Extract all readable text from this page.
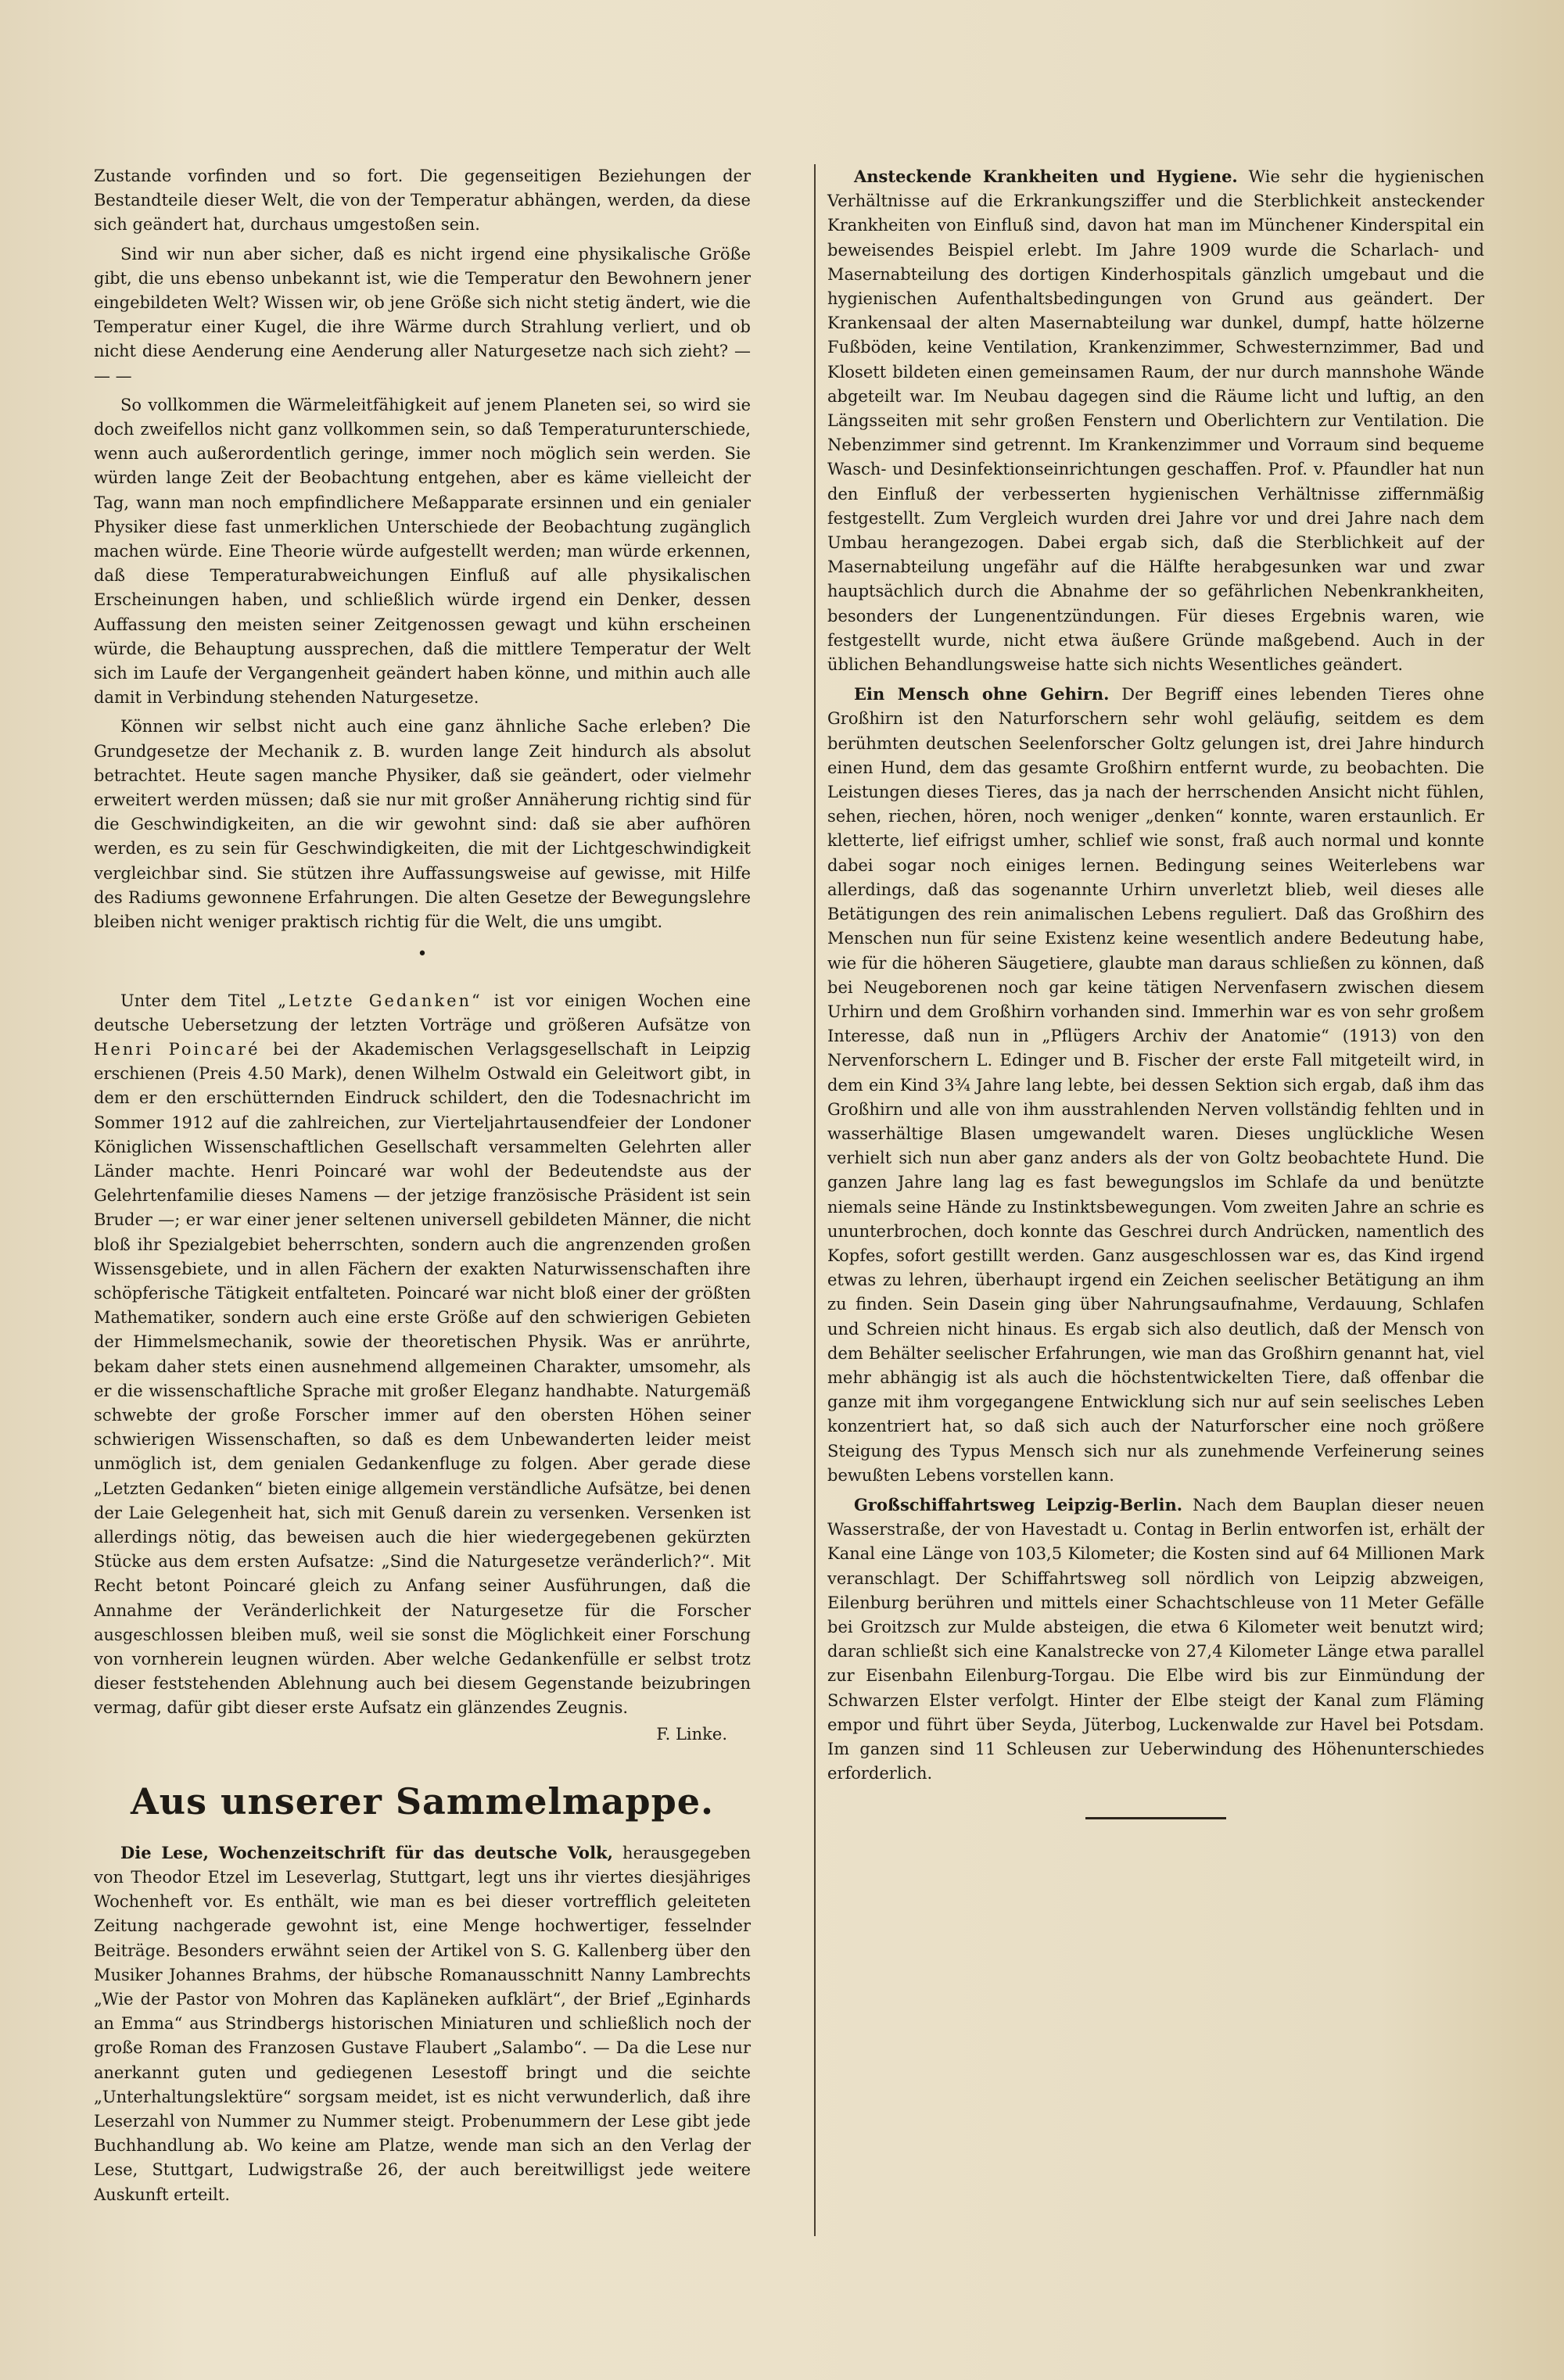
Zustande vorfinden und so fort. Die gegenseitigen Beziehungen der Bestandteile dieser Welt, die von der Temperatur abhängen, werden, da diese sich geändert hat, durchaus umgestoßen sein.

Sind wir nun aber sicher, daß es nicht irgend eine physikalische Größe gibt, die uns ebenso unbekannt ist, wie die Temperatur den Bewohnern jener eingebildeten Welt? Wissen wir, ob jene Größe sich nicht stetig ändert, wie die Temperatur einer Kugel, die ihre Wärme durch Strahlung verliert, und ob nicht diese Aenderung eine Aenderung aller Naturgesetze nach sich zieht? — — —

So vollkommen die Wärmeleitfähigkeit auf jenem Planeten sei, so wird sie doch zweifellos nicht ganz vollkommen sein, so daß Temperaturunterschiede, wenn auch außerordentlich geringe, immer noch möglich sein werden. Sie würden lange Zeit der Beobachtung entgehen, aber es käme vielleicht der Tag, wann man noch empfindlichere Meßapparate ersinnen und ein genialer Physiker diese fast unmerklichen Unterschiede der Beobachtung zugänglich machen würde. Eine Theorie würde aufgestellt werden; man würde erkennen, daß diese Temperaturabweichungen Einfluß auf alle physikalischen Erscheinungen haben, und schließlich würde irgend ein Denker, dessen Auffassung den meisten seiner Zeitgenossen gewagt und kühn erscheinen würde, die Behauptung aussprechen, daß die mittlere Temperatur der Welt sich im Laufe der Vergangenheit geändert haben könne, und mithin auch alle damit in Verbindung stehenden Naturgesetze.

Können wir selbst nicht auch eine ganz ähnliche Sache erleben? Die Grundgesetze der Mechanik z. B. wurden lange Zeit hindurch als absolut betrachtet. Heute sagen manche Physiker, daß sie geändert, oder vielmehr erweitert werden müssen; daß sie nur mit großer Annäherung richtig sind für die Geschwindigkeiten, an die wir gewohnt sind: daß sie aber aufhören werden, es zu sein für Geschwindigkeiten, die mit der Lichtgeschwindigkeit vergleichbar sind. Sie stützen ihre Auffassungsweise auf gewisse, mit Hilfe des Radiums gewonnene Erfahrungen. Die alten Gesetze der Bewegungslehre bleiben nicht weniger praktisch richtig für die Welt, die uns umgibt.

•

Unter dem Titel „Letzte Gedanken“ ist vor einigen Wochen eine deutsche Uebersetzung der letzten Vorträge und größeren Aufsätze von Henri Poincaré bei der Akademischen Verlagsgesellschaft in Leipzig erschienen (Preis 4.50 Mark), denen Wilhelm Ostwald ein Geleitwort gibt, in dem er den erschütternden Eindruck schildert, den die Todesnachricht im Sommer 1912 auf die zahlreichen, zur Vierteljahrtausendfeier der Londoner Königlichen Wissenschaftlichen Gesellschaft versammelten Gelehrten aller Länder machte. Henri Poincaré war wohl der Bedeutendste aus der Gelehrtenfamilie dieses Namens — der jetzige französische Präsident ist sein Bruder —; er war einer jener seltenen universell gebildeten Männer, die nicht bloß ihr Spezialgebiet beherrschten, sondern auch die angrenzenden großen Wissensgebiete, und in allen Fächern der exakten Naturwissenschaften ihre schöpferische Tätigkeit entfalteten. Poincaré war nicht bloß einer der größten Mathematiker, sondern auch eine erste Größe auf den schwierigen Gebieten der Himmelsmechanik, sowie der theoretischen Physik. Was er anrührte, bekam daher stets einen ausnehmend allgemeinen Charakter, umsomehr, als er die wissenschaftliche Sprache mit großer Eleganz handhabte. Naturgemäß schwebte der große Forscher immer auf den obersten Höhen seiner schwierigen Wissenschaften, so daß es dem Unbewanderten leider meist unmöglich ist, dem genialen Gedankenfluge zu folgen. Aber gerade diese „Letzten Gedanken“ bieten einige allgemein verständliche Aufsätze, bei denen der Laie Gelegenheit hat, sich mit Genuß darein zu versenken. Versenken ist allerdings nötig, das beweisen auch die hier wiedergegebenen gekürzten Stücke aus dem ersten Aufsatze: „Sind die Naturgesetze veränderlich?“. Mit Recht betont Poincaré gleich zu Anfang seiner Ausführungen, daß die Annahme der Veränderlichkeit der Naturgesetze für die Forscher ausgeschlossen bleiben muß, weil sie sonst die Möglichkeit einer Forschung von vornherein leugnen würden. Aber welche Gedankenfülle er selbst trotz dieser feststehenden Ablehnung auch bei diesem Gegenstande beizubringen vermag, dafür gibt dieser erste Aufsatz ein glänzendes Zeugnis.

F. Linke.
Aus unserer Sammelmappe.

Die Lese, Wochenzeitschrift für das deutsche Volk, herausgegeben von Theodor Etzel im Leseverlag, Stuttgart, legt uns ihr viertes diesjähriges Wochenheft vor. Es enthält, wie man es bei dieser vortrefflich geleiteten Zeitung nachgerade gewohnt ist, eine Menge hochwertiger, fesselnder Beiträge. Besonders erwähnt seien der Artikel von S. G. Kallenberg über den Musiker Johannes Brahms, der hübsche Romanausschnitt Nanny Lambrechts „Wie der Pastor von Mohren das Kapläneken aufklärt“, der Brief „Eginhards an Emma“ aus Strindbergs historischen Miniaturen und schließlich noch der große Roman des Franzosen Gustave Flaubert „Salambo“. — Da die Lese nur anerkannt guten und gediegenen Lesestoff bringt und die seichte „Unterhaltungslektüre“ sorgsam meidet, ist es nicht verwunderlich, daß ihre Leserzahl von Nummer zu Nummer steigt. Probenummern der Lese gibt jede Buchhandlung ab. Wo keine am Platze, wende man sich an den Verlag der Lese, Stuttgart, Ludwigstraße 26, der auch bereitwilligst jede weitere Auskunft erteilt.

Ansteckende Krankheiten und Hygiene. Wie sehr die hygienischen Verhältnisse auf die Erkrankungsziffer und die Sterblichkeit ansteckender Krankheiten von Einfluß sind, davon hat man im Münchener Kinderspital ein beweisendes Beispiel erlebt. Im Jahre 1909 wurde die Scharlach- und Masernabteilung des dortigen Kinderhospitals gänzlich umgebaut und die hygienischen Aufenthaltsbedingungen von Grund aus geändert. Der Krankensaal der alten Masernabteilung war dunkel, dumpf, hatte hölzerne Fußböden, keine Ventilation, Krankenzimmer, Schwesternzimmer, Bad und Klosett bildeten einen gemeinsamen Raum, der nur durch mannshohe Wände abgeteilt war. Im Neubau dagegen sind die Räume licht und luftig, an den Längsseiten mit sehr großen Fenstern und Oberlichtern zur Ventilation. Die Nebenzimmer sind getrennt. Im Krankenzimmer und Vorraum sind bequeme Wasch- und Desinfektionseinrichtungen geschaffen. Prof. v. Pfaundler hat nun den Einfluß der verbesserten hygienischen Verhältnisse ziffernmäßig festgestellt. Zum Vergleich wurden drei Jahre vor und drei Jahre nach dem Umbau herangezogen. Dabei ergab sich, daß die Sterblichkeit auf der Masernabteilung ungefähr auf die Hälfte herabgesunken war und zwar hauptsächlich durch die Abnahme der so gefährlichen Nebenkrankheiten, besonders der Lungenentzündungen. Für dieses Ergebnis waren, wie festgestellt wurde, nicht etwa äußere Gründe maßgebend. Auch in der üblichen Behandlungsweise hatte sich nichts Wesentliches geändert.

Ein Mensch ohne Gehirn. Der Begriff eines lebenden Tieres ohne Großhirn ist den Naturforschern sehr wohl geläufig, seitdem es dem berühmten deutschen Seelenforscher Goltz gelungen ist, drei Jahre hindurch einen Hund, dem das gesamte Großhirn entfernt wurde, zu beobachten. Die Leistungen dieses Tieres, das ja nach der herrschenden Ansicht nicht fühlen, sehen, riechen, hören, noch weniger „denken“ konnte, waren erstaunlich. Er kletterte, lief eifrigst umher, schlief wie sonst, fraß auch normal und konnte dabei sogar noch einiges lernen. Bedingung seines Weiterlebens war allerdings, daß das sogenannte Urhirn unverletzt blieb, weil dieses alle Betätigungen des rein animalischen Lebens reguliert. Daß das Großhirn des Menschen nun für seine Existenz keine wesentlich andere Bedeutung habe, wie für die höheren Säugetiere, glaubte man daraus schließen zu können, daß bei Neugeborenen noch gar keine tätigen Nervenfasern zwischen diesem Urhirn und dem Großhirn vorhanden sind. Immerhin war es von sehr großem Interesse, daß nun in „Pflügers Archiv der Anatomie“ (1913) von den Nervenforschern L. Edinger und B. Fischer der erste Fall mitgeteilt wird, in dem ein Kind 3¾ Jahre lang lebte, bei dessen Sektion sich ergab, daß ihm das Großhirn und alle von ihm ausstrahlenden Nerven vollständig fehlten und in wasserhältige Blasen umgewandelt waren. Dieses unglückliche Wesen verhielt sich nun aber ganz anders als der von Goltz beobachtete Hund. Die ganzen Jahre lang lag es fast bewegungslos im Schlafe da und benützte niemals seine Hände zu Instinktsbewegungen. Vom zweiten Jahre an schrie es ununterbrochen, doch konnte das Geschrei durch Andrücken, namentlich des Kopfes, sofort gestillt werden. Ganz ausgeschlossen war es, das Kind irgend etwas zu lehren, überhaupt irgend ein Zeichen seelischer Betätigung an ihm zu finden. Sein Dasein ging über Nahrungsaufnahme, Verdauung, Schlafen und Schreien nicht hinaus. Es ergab sich also deutlich, daß der Mensch von dem Behälter seelischer Erfahrungen, wie man das Großhirn genannt hat, viel mehr abhängig ist als auch die höchstentwickelten Tiere, daß offenbar die ganze mit ihm vorgegangene Entwicklung sich nur auf sein seelisches Leben konzentriert hat, so daß sich auch der Naturforscher eine noch größere Steigung des Typus Mensch sich nur als zunehmende Verfeinerung seines bewußten Lebens vorstellen kann.

Großschiffahrtsweg Leipzig-Berlin. Nach dem Bauplan dieser neuen Wasserstraße, der von Havestadt u. Contag in Berlin entworfen ist, erhält der Kanal eine Länge von 103,5 Kilometer; die Kosten sind auf 64 Millionen Mark veranschlagt. Der Schiffahrtsweg soll nördlich von Leipzig abzweigen, Eilenburg berühren und mittels einer Schachtschleuse von 11 Meter Gefälle bei Groitzsch zur Mulde absteigen, die etwa 6 Kilometer weit benutzt wird; daran schließt sich eine Kanalstrecke von 27,4 Kilometer Länge etwa parallel zur Eisenbahn Eilenburg-Torgau. Die Elbe wird bis zur Einmündung der Schwarzen Elster verfolgt. Hinter der Elbe steigt der Kanal zum Fläming empor und führt über Seyda, Jüterbog, Luckenwalde zur Havel bei Potsdam. Im ganzen sind 11 Schleusen zur Ueberwindung des Höhenunterschiedes erforderlich.
